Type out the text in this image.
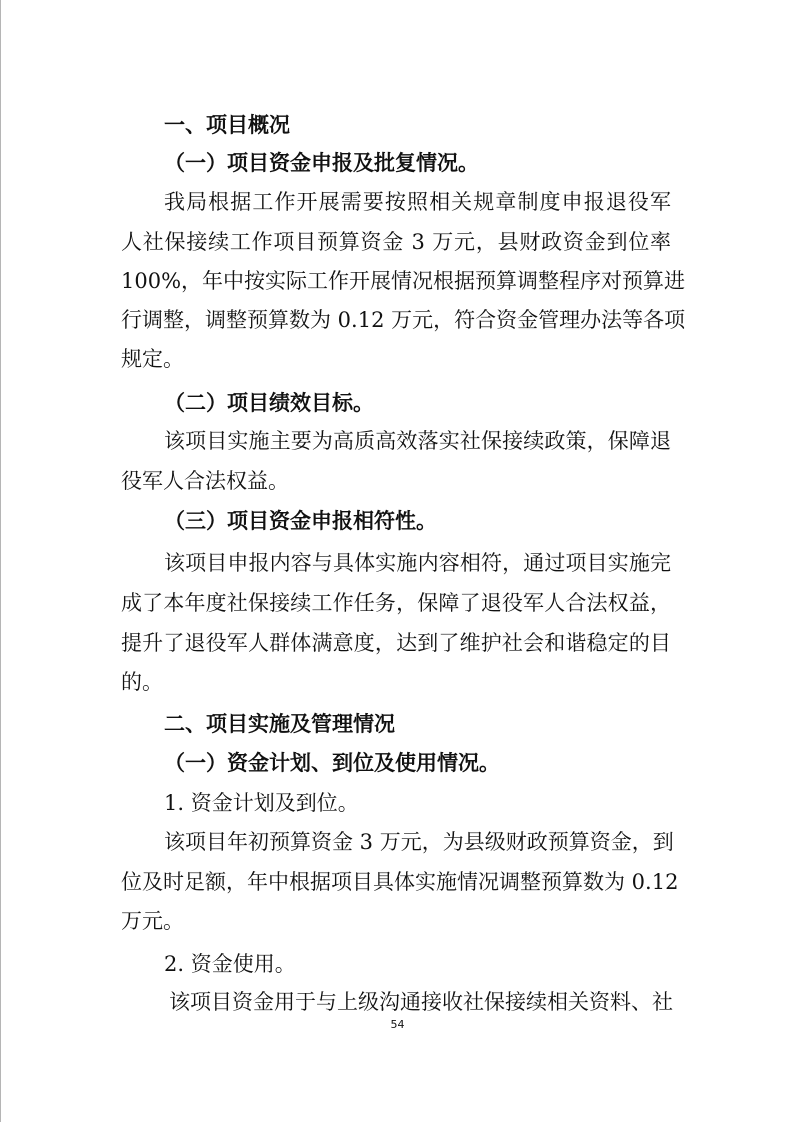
一、项目概况
（一）项目资金申报及批复情况。
我局根据工作开展需要按照相关规章制度申报退役军
人社保接续工作项目预算资金 3 万元，县财政资金到位率
100%，年中按实际工作开展情况根据预算调整程序对预算进
行调整，调整预算数为 0.12 万元，符合资金管理办法等各项
规定。
（二）项目绩效目标。
该项目实施主要为高质高效落实社保接续政策，保障退
役军人合法权益。
（三）项目资金申报相符性。
该项目申报内容与具体实施内容相符，通过项目实施完
成了本年度社保接续工作任务，保障了退役军人合法权益，
提升了退役军人群体满意度，达到了维护社会和谐稳定的目
的。
二、项目实施及管理情况
（一）资金计划、到位及使用情况。
1. 资金计划及到位。
该项目年初预算资金 3 万元，为县级财政预算资金，到
位及时足额，年中根据项目具体实施情况调整预算数为 0.12
万元。
2. 资金使用。
该项目资金用于与上级沟通接收社保接续相关资料、社
54
